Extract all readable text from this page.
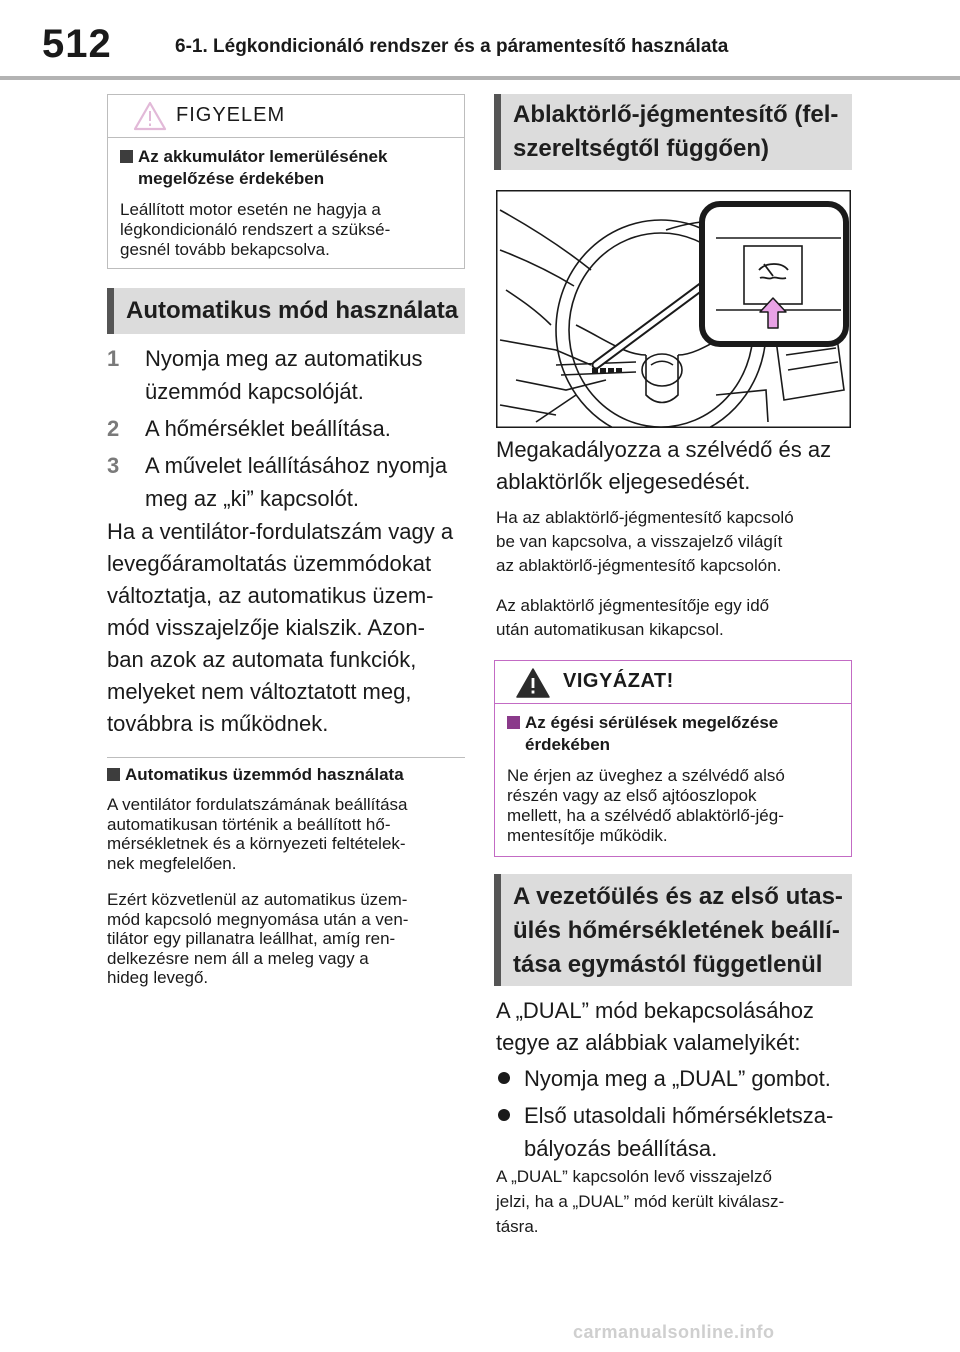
512	6-1. Légkondicionáló rendszer és a páramentesítő használata
FIGYELEM
Az akkumulátor lemerülésének
megelőzése érdekében
Leállított motor esetén ne hagyja a
légkondicionáló rendszert a szüksé-
gesnél tovább bekapcsolva.
Automatikus mód használata
1 Nyomja meg az automatikus
üzemmód kapcsolóját.
2 A hőmérséklet beállítása.
3 A művelet leállításához nyomja
meg az „ki” kapcsolót.
Ha a ventilátor-fordulatszám vagy a
levegőáramoltatás üzemmódokat
változtatja, az automatikus üzem-
mód visszajelzője kialszik. Azon-
ban azok az automata funkciók,
melyeket nem változtatott meg,
továbbra is működnek.
Automatikus üzemmód használata
A ventilátor fordulatszámának beállítása
automatikusan történik a beállított hő-
mérsékletnek és a környezeti feltételek-
nek megfelelően.
Ezért közvetlenül az automatikus üzem-
mód kapcsoló megnyomása után a ven-
tilátor egy pillanatra leállhat, amíg ren-
delkezésre nem áll a meleg vagy a
hideg levegő.
Ablaktörlő-jégmentesítő (fel-
szereltségtől függően)
Megakadályozza a szélvédő és az
ablaktörlők eljegesedését.
Ha az ablaktörlő-jégmentesítő kapcsoló
be van kapcsolva, a visszajelző világít
az ablaktörlő-jégmentesítő kapcsolón.
Az ablaktörlő jégmentesítője egy idő
után automatikusan kikapcsol.
VIGYÁZAT!
Az égési sérülések megelőzése
érdekében
Ne érjen az üveghez a szélvédő alsó
részén vagy az első ajtóoszlopok
mellett, ha a szélvédő ablaktörlő-jég-
mentesítője működik.
A vezetőülés és az első utas-
ülés hőmérsékletének beállí-
tása egymástól függetlenül
A „DUAL” mód bekapcsolásához
tegye az alábbiak valamelyikét:
Nyomja meg a „DUAL” gombot.
Első utasoldali hőmérsékletsza-
bályozás beállítása.
A „DUAL” kapcsolón levő visszajelző
jelzi, ha a „DUAL” mód került kiválasz-
tásra.
carmanualsonline.info
